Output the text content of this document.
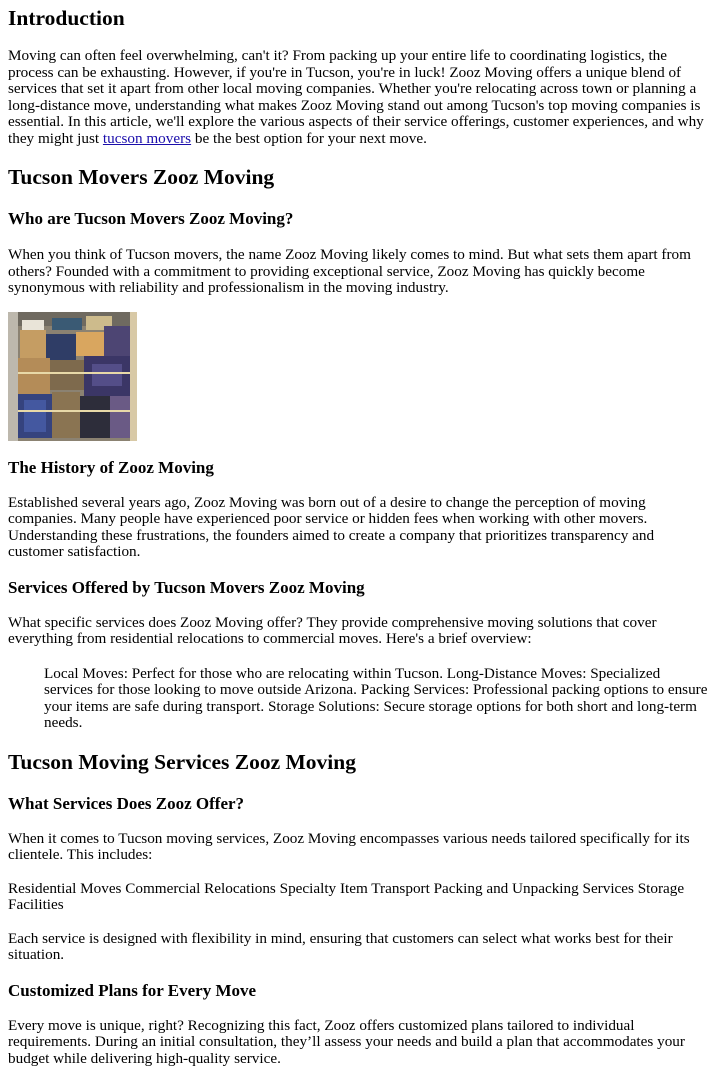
Introduction

Moving can often feel overwhelming, can't it? From packing up your entire life to coordinating logistics, the process can be exhausting. However, if you're in Tucson, you're in luck! Zooz Moving offers a unique blend of services that set it apart from other local moving companies. Whether you're relocating across town or planning a long-distance move, understanding what makes Zooz Moving stand out among Tucson's top moving companies is essential. In this article, we'll explore the various aspects of their service offerings, customer experiences, and why they might just tucson movers be the best option for your next move.

Tucson Movers Zooz Moving
Who are Tucson Movers Zooz Moving?

When you think of Tucson movers, the name Zooz Moving likely comes to mind. But what sets them apart from others? Founded with a commitment to providing exceptional service, Zooz Moving has quickly become synonymous with reliability and professionalism in the moving industry.

The History of Zooz Moving

Established several years ago, Zooz Moving was born out of a desire to change the perception of moving companies. Many people have experienced poor service or hidden fees when working with other movers. Understanding these frustrations, the founders aimed to create a company that prioritizes transparency and customer satisfaction.

Services Offered by Tucson Movers Zooz Moving

What specific services does Zooz Moving offer? They provide comprehensive moving solutions that cover everything from residential relocations to commercial moves. Here's a brief overview:

Local Moves: Perfect for those who are relocating within Tucson. Long-Distance Moves: Specialized services for those looking to move outside Arizona. Packing Services: Professional packing options to ensure your items are safe during transport. Storage Solutions: Secure storage options for both short and long-term needs.
Tucson Moving Services Zooz Moving
What Services Does Zooz Offer?

When it comes to Tucson moving services, Zooz Moving encompasses various needs tailored specifically for its clientele. This includes:

Residential Moves Commercial Relocations Specialty Item Transport Packing and Unpacking Services Storage Facilities

Each service is designed with flexibility in mind, ensuring that customers can select what works best for their situation.

Customized Plans for Every Move

Every move is unique, right? Recognizing this fact, Zooz offers customized plans tailored to individual requirements. During an initial consultation, they’ll assess your needs and build a plan that accommodates your budget while delivering high-quality service.
